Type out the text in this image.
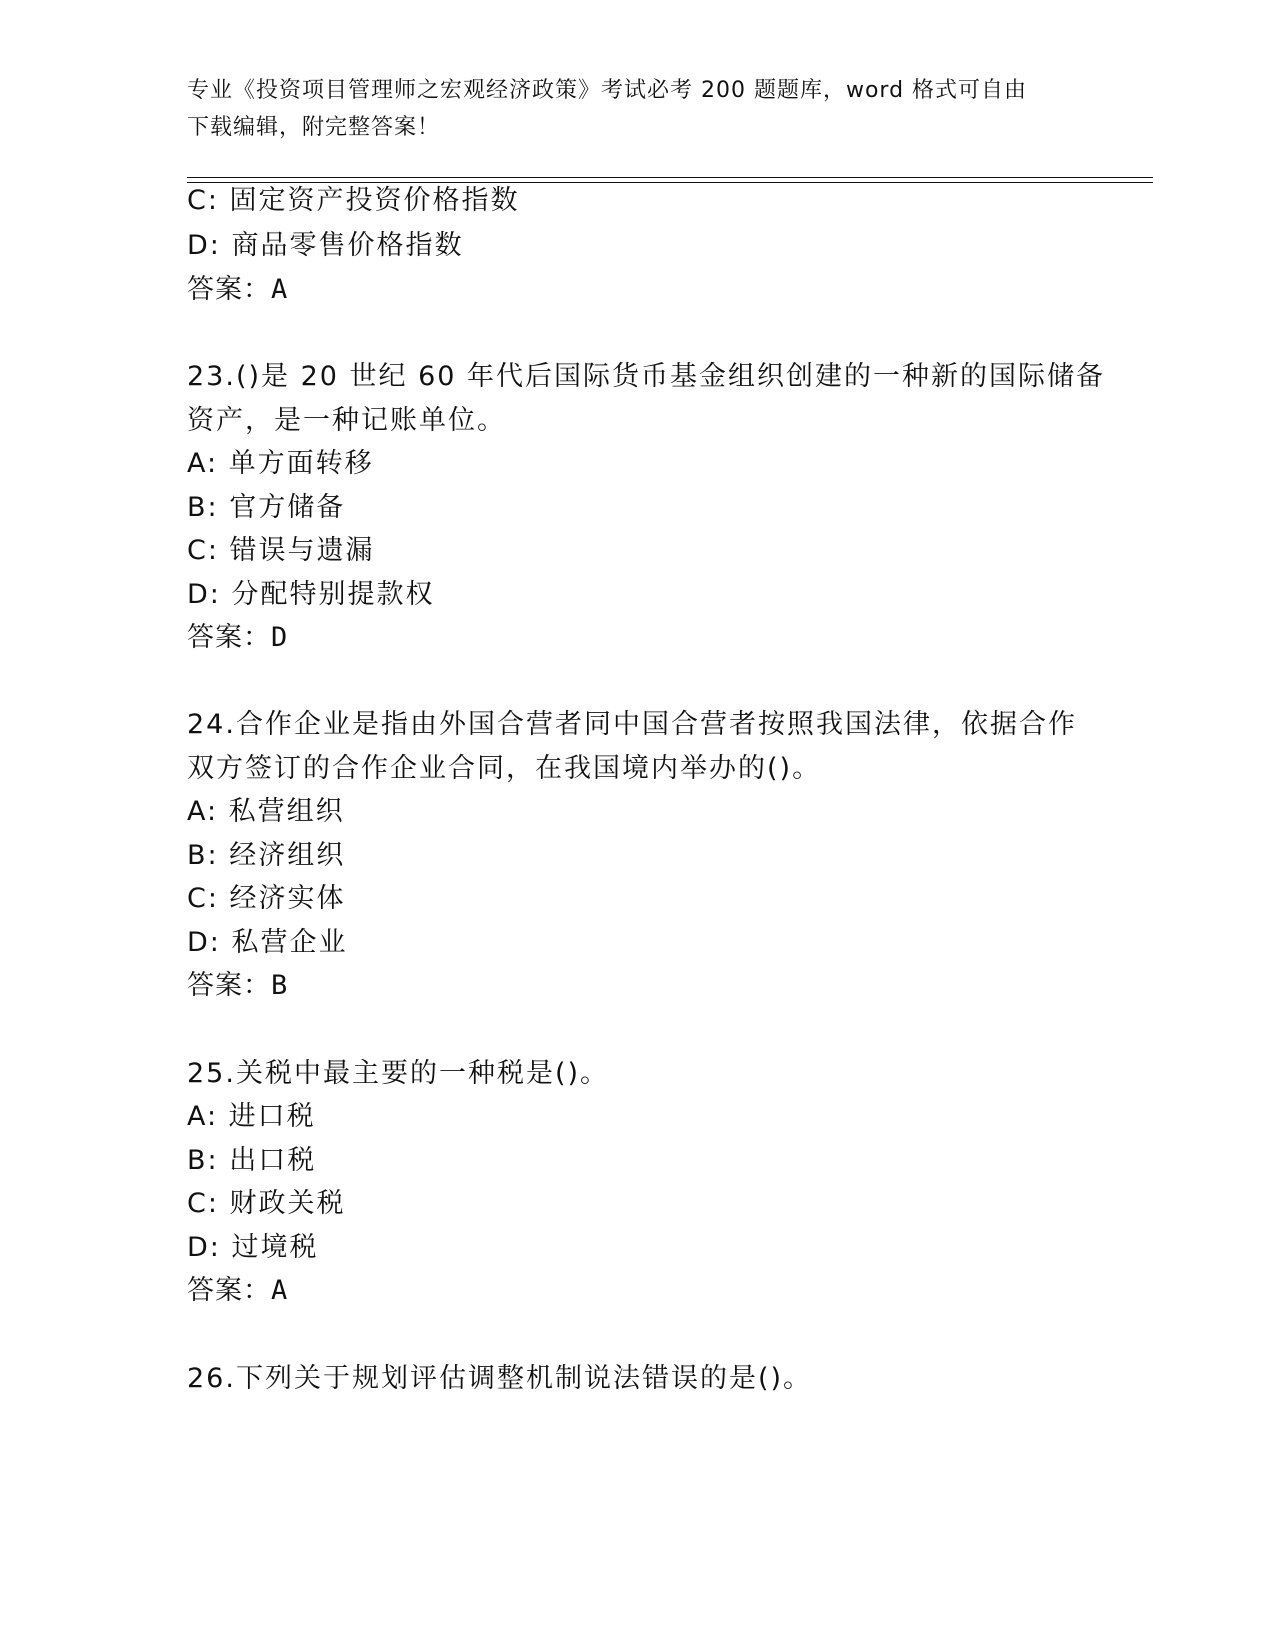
专业《投资项目管理师之宏观经济政策》考试必考 200 题题库，word 格式可自由
下载编辑，附完整答案！
C: 固定资产投资价格指数
D: 商品零售价格指数
答案：A
23.()是 20 世纪 60 年代后国际货币基金组织创建的一种新的国际储备
资产，是一种记账单位。
A: 单方面转移
B: 官方储备
C: 错误与遗漏
D: 分配特别提款权
答案：D
24.合作企业是指由外国合营者同中国合营者按照我国法律，依据合作
双方签订的合作企业合同，在我国境内举办的()。
A: 私营组织
B: 经济组织
C: 经济实体
D: 私营企业
答案：B
25.关税中最主要的一种税是()。
A: 进口税
B: 出口税
C: 财政关税
D: 过境税
答案：A
26.下列关于规划评估调整机制说法错误的是()。
